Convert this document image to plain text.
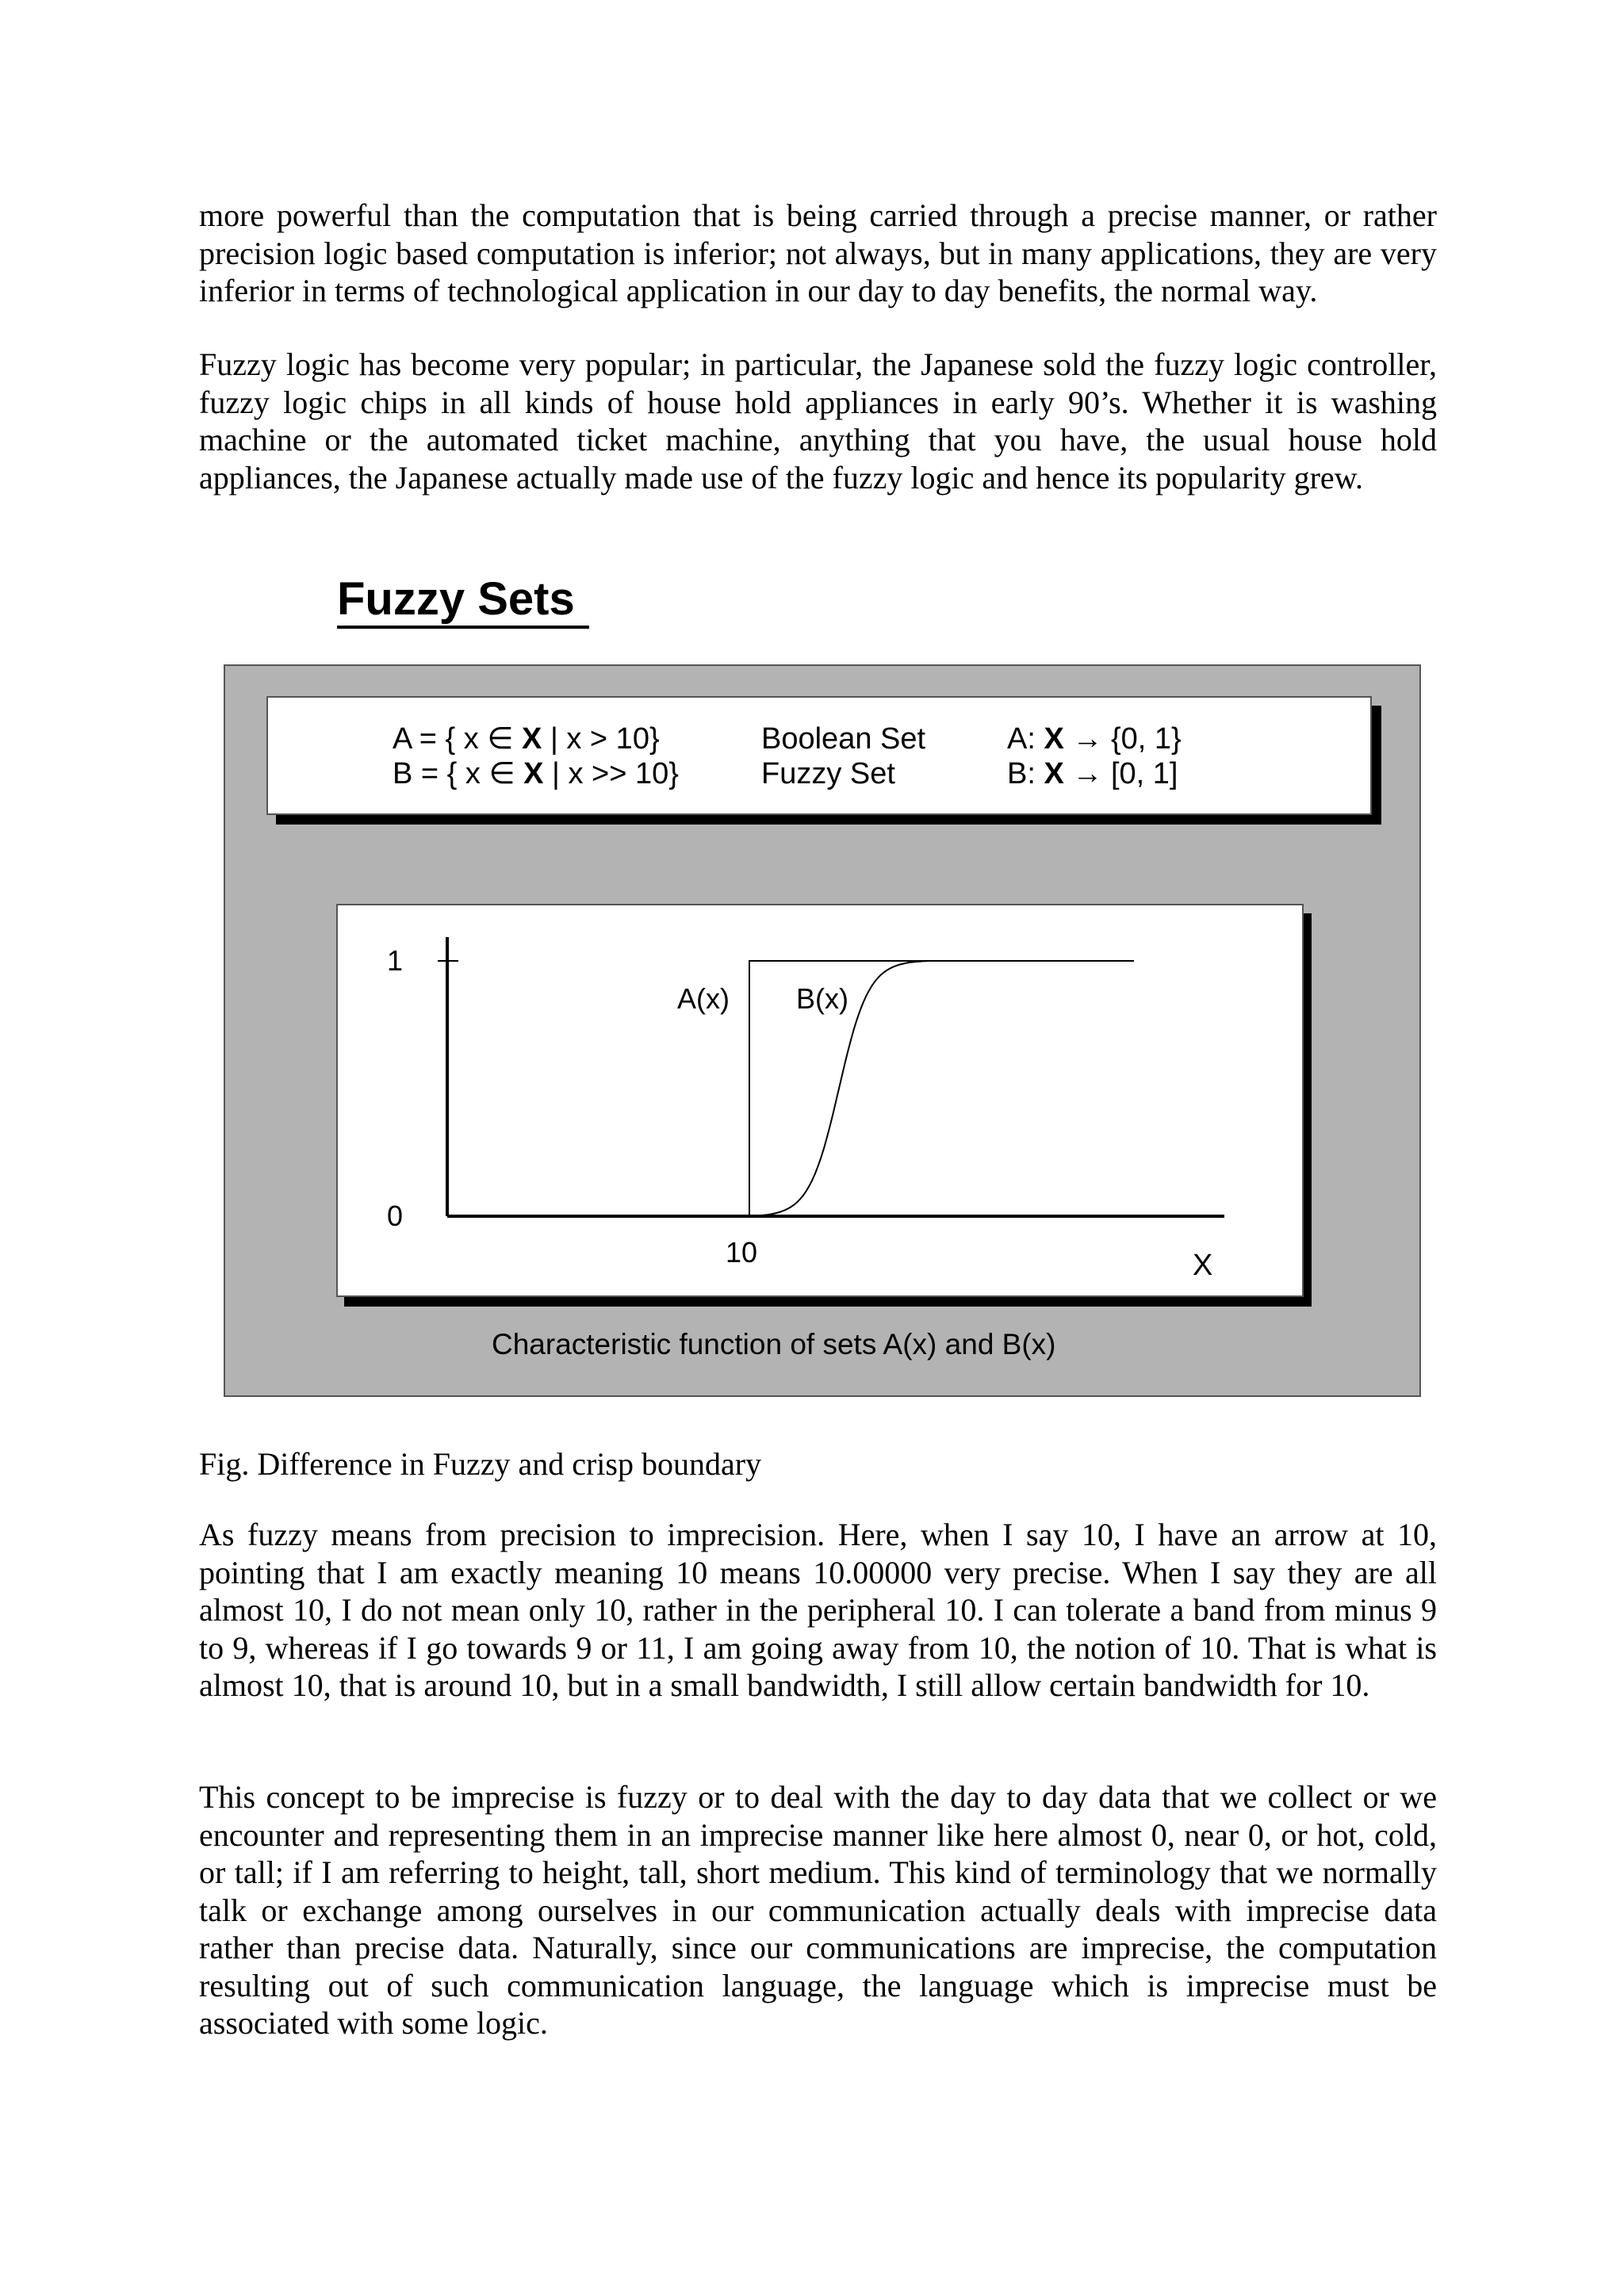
more powerful than the computation that is being carried through a precise manner, or rather precision logic based computation is inferior; not always, but in many applications, they are very inferior in terms of technological application in our day to day benefits, the normal way.

Fuzzy logic has become very popular; in particular, the Japanese sold the fuzzy logic controller, fuzzy logic chips in all kinds of house hold appliances in early 90’s. Whether it is washing machine or the automated ticket machine, anything that you have, the usual house hold appliances, the Japanese actually made use of the fuzzy logic and hence its popularity grew.

Fuzzy Sets
A = { x ∈ X | x > 10}
B = { x ∈ X | x >> 10}
Boolean Set
Fuzzy Set
A: X → {0, 1}
B: X → [0, 1]
0
1
10	X
A(x) B(x)
Characteristic function of sets A(x) and B(x)
Fig. Difference in Fuzzy and crisp boundary

As fuzzy means from precision to imprecision. Here, when I say 10, I have an arrow at 10, pointing that I am exactly meaning 10 means 10.00000 very precise. When I say they are all almost 10, I do not mean only 10, rather in the peripheral 10. I can tolerate a band from minus 9 to 9, whereas if I go towards 9 or 11, I am going away from 10, the notion of 10. That is what is almost 10, that is around 10, but in a small bandwidth, I still allow certain bandwidth for 10.

This concept to be imprecise is fuzzy or to deal with the day to day data that we collect or we encounter and representing them in an imprecise manner like here almost 0, near 0, or hot, cold, or tall; if I am referring to height, tall, short medium. This kind of terminology that we normally talk or exchange among ourselves in our communication actually deals with imprecise data rather than precise data. Naturally, since our communications are imprecise, the computation resulting out of such communication language, the language which is imprecise must be associated with some logic.
